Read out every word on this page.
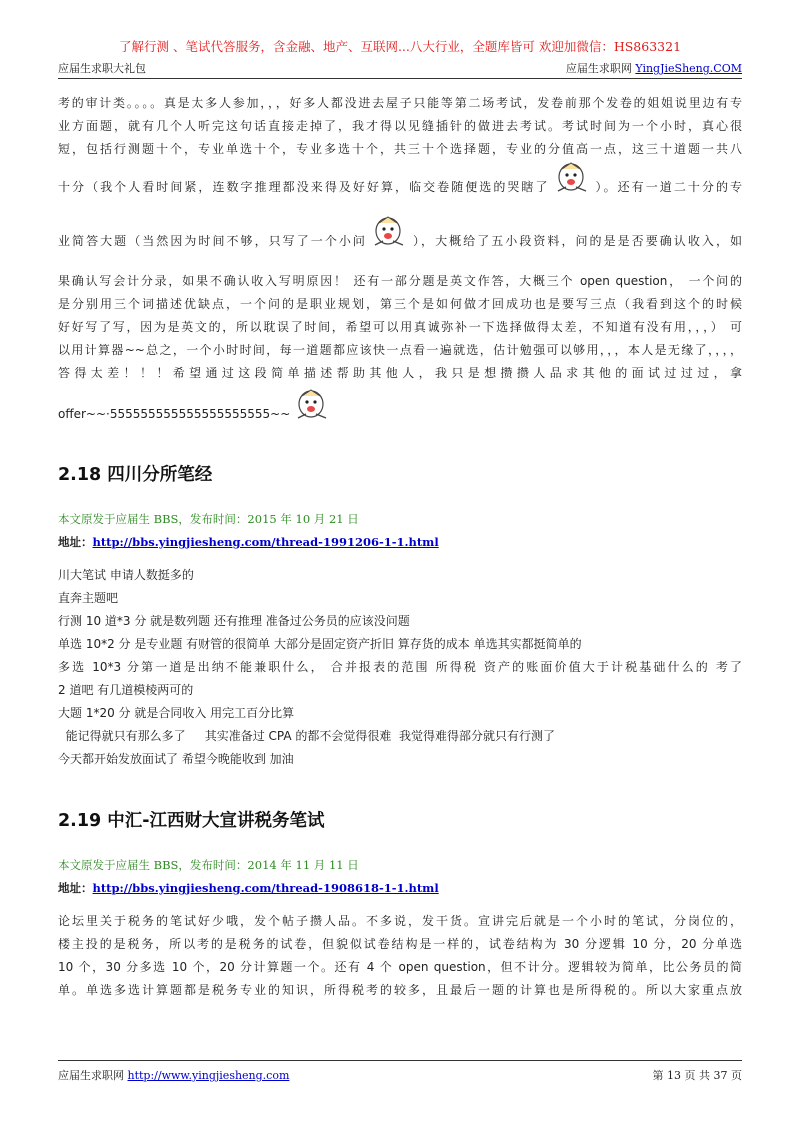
了解行测 、笔试代答服务，含金融、地产、互联网...八大行业，全题库皆可 欢迎加微信：HS863321
应届生求职大礼包	应届生求职网 YingJieSheng.COM
考的审计类。。。。真是太多人参加，，，好多人都没进去屋子只能等第二场考试，发卷前那个发卷的姐姐说里边有专
业方面题，就有几个人听完这句话直接走掉了，我才得以见缝插针的做进去考试。考试时间为一个小时，真心很
短，包括行测题十个，专业单选十个，专业多选十个，共三十个选择题，专业的分值高一点，这三十道题一共八
十分（我个人看时间紧，连数字推理都没来得及好好算，临交卷随便选的哭瞎了	）。还有一道二十分的专
业简答大题（当然因为时间不够，只写了一个小问	），大概给了五小段资料，问的是是否要确认收入，如
果确认写会计分录，如果不确认收入写明原因！ 还有一部分题是英文作答，大概三个 open question， 一个问的
是分别用三个词描述优缺点，一个问的是职业规划，第三个是如何做才回成功也是要写三点（我看到这个的时候
好好写了写，因为是英文的，所以耽误了时间，希望可以用真诚弥补一下选择做得太差，不知道有没有用，，，） 可
以用计算器~~总之，一个小时时间，每一道题都应该快一点看一遍就选，估计勉强可以够用，，，本人是无缘了，，，，
答得太差！！！希望通过这段简单描述帮助其他人，我只是想攒攒人品求其他的面试过过过，拿
offer~~·555555555555555555555~~
2.18 四川分所笔经
本文原发于应届生 BBS，发布时间：2015 年 10 月 21 日
地址：http://bbs.yingjiesheng.com/thread-1991206-1-1.html
川大笔试 申请人数挺多的
直奔主题吧
行测 10 道*3 分 就是数列题 还有推理 准备过公务员的应该没问题
单选 10*2 分 是专业题 有财管的很简单 大部分是固定资产折旧 算存货的成本 单选其实都挺简单的
多选 10*3 分第一道是出纳不能兼职什么， 合并报表的范围 所得税 资产的账面价值大于计税基础什么的 考了
2 道吧 有几道模棱两可的
大题 1*20 分 就是合同收入 用完工百分比算
能记得就只有那么多了     其实准备过 CPA 的都不会觉得很难  我觉得难得部分就只有行测了
今天都开始发放面试了 希望今晚能收到 加油
2.19 中汇-江西财大宣讲税务笔试
本文原发于应届生 BBS，发布时间：2014 年 11 月 11 日
地址：http://bbs.yingjiesheng.com/thread-1908618-1-1.html
论坛里关于税务的笔试好少哦，发个帖子攒人品。不多说，发干货。宣讲完后就是一个小时的笔试，分岗位的，
楼主投的是税务，所以考的是税务的试卷，但貌似试卷结构是一样的，试卷结构为 30 分逻辑 10 分，20 分单选
10 个，30 分多选 10 个，20 分计算题一个。还有 4 个 open question，但不计分。逻辑较为简单，比公务员的简
单。单选多选计算题都是税务专业的知识，所得税考的较多，且最后一题的计算也是所得税的。所以大家重点放
应届生求职网 http://www.yingjiesheng.com	第 13 页 共 37 页
